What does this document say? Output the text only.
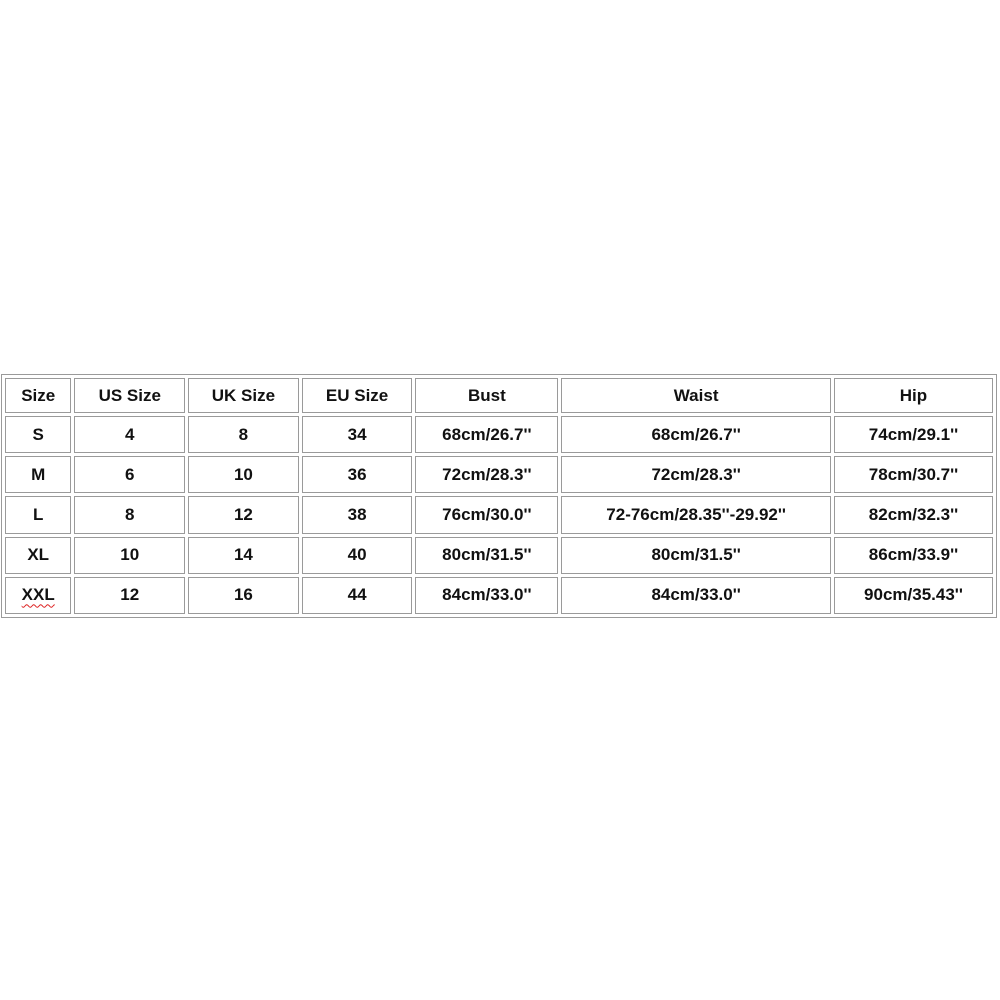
Size	US Size	UK Size	EU Size	Bust	Waist	Hip
S	4	8	34	68cm/26.7''	68cm/26.7''	74cm/29.1''
M	6	10	36	72cm/28.3''	72cm/28.3''	78cm/30.7''
L	8	12	38	76cm/30.0''	72-76cm/28.35''-29.92''	82cm/32.3''
XL	10	14	40	80cm/31.5''	80cm/31.5''	86cm/33.9''
XXL	12	16	44	84cm/33.0''	84cm/33.0''	90cm/35.43''
